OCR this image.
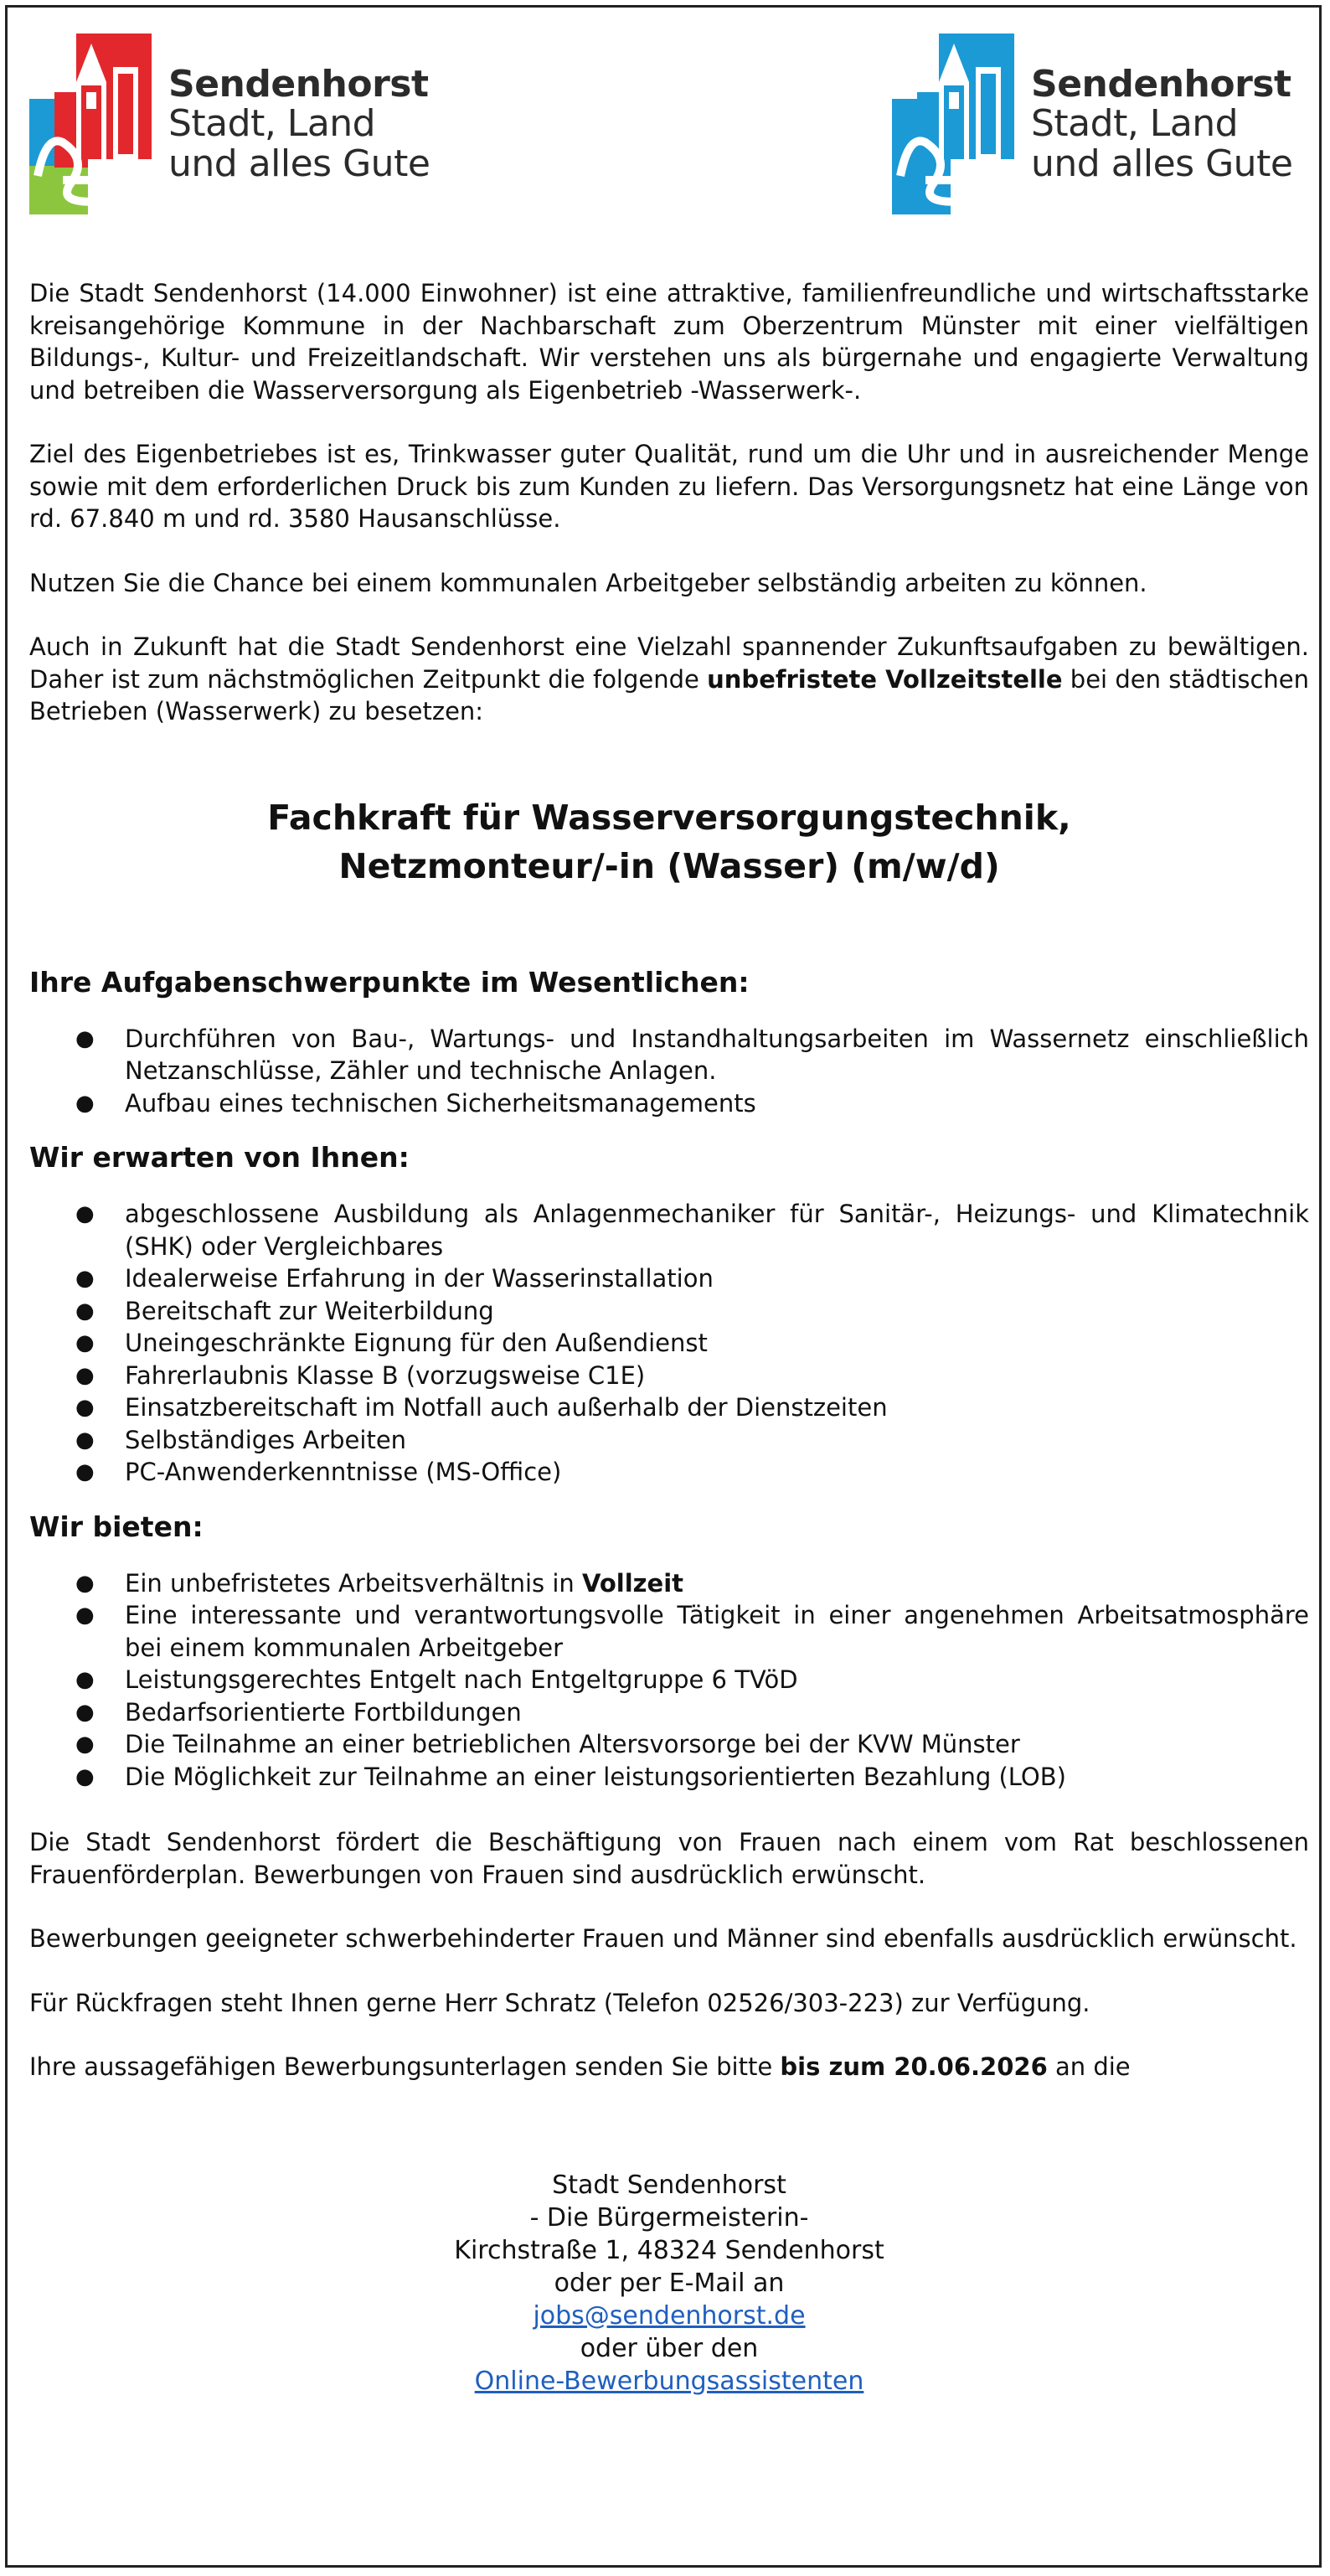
Sendenhorst
Stadt, Land
und alles Gute
Sendenhorst
Stadt, Land
und alles Gute

Die Stadt Sendenhorst (14.000 Einwohner) ist eine attraktive, familienfreundliche und wirtschaftsstarke kreisangehörige Kommune in der Nachbarschaft zum Oberzentrum Münster mit einer vielfältigen Bildungs-, Kultur- und Freizeitlandschaft. Wir verstehen uns als bürgernahe und engagierte Verwaltung und betreiben die Wasserversorgung als Eigenbetrieb -Wasserwerk-.

Ziel des Eigenbetriebes ist es, Trinkwasser guter Qualität, rund um die Uhr und in ausreichender Menge sowie mit dem erforderlichen Druck bis zum Kunden zu liefern. Das Versorgungsnetz hat eine Länge von rd. 67.840 m und rd. 3580 Hausanschlüsse.

Nutzen Sie die Chance bei einem kommunalen Arbeitgeber selbständig arbeiten zu können.

Auch in Zukunft hat die Stadt Sendenhorst eine Vielzahl spannender Zukunftsaufgaben zu bewältigen. Daher ist zum nächstmöglichen Zeitpunkt die folgende unbefristete Vollzeitstelle bei den städtischen Betrieben (Wasserwerk) zu besetzen:

Fachkraft für Wasserversorgungstechnik,

Netzmonteur/-in (Wasser) (m/w/d)

Ihre Aufgabenschwerpunkte im Wesentlichen:
● Durchführen von Bau-, Wartungs- und Instandhaltungsarbeiten im Wassernetz einschließlich Netzanschlüsse, Zähler und technische Anlagen.
● Aufbau eines technischen Sicherheitsmanagements
Wir erwarten von Ihnen:
● abgeschlossene Ausbildung als Anlagenmechaniker für Sanitär-, Heizungs- und Klimatechnik (SHK) oder Vergleichbares
● Idealerweise Erfahrung in der Wasserinstallation
● Bereitschaft zur Weiterbildung
● Uneingeschränkte Eignung für den Außendienst
● Fahrerlaubnis Klasse B (vorzugsweise C1E)
● Einsatzbereitschaft im Notfall auch außerhalb der Dienstzeiten
● Selbständiges Arbeiten
● PC-Anwenderkenntnisse (MS-Office)
Wir bieten:
● Ein unbefristetes Arbeitsverhältnis in Vollzeit
● Eine interessante und verantwortungsvolle Tätigkeit in einer angenehmen Arbeitsatmosphäre bei einem kommunalen Arbeitgeber
● Leistungsgerechtes Entgelt nach Entgeltgruppe 6 TVöD
● Bedarfsorientierte Fortbildungen
● Die Teilnahme an einer betrieblichen Altersvorsorge bei der KVW Münster
● Die Möglichkeit zur Teilnahme an einer leistungsorientierten Bezahlung (LOB)

Die Stadt Sendenhorst fördert die Beschäftigung von Frauen nach einem vom Rat beschlossenen Frauenförderplan. Bewerbungen von Frauen sind ausdrücklich erwünscht.

Bewerbungen geeigneter schwerbehinderter Frauen und Männer sind ebenfalls ausdrücklich erwünscht.

Für Rückfragen steht Ihnen gerne Herr Schratz (Telefon 02526/303-223) zur Verfügung.

Ihre aussagefähigen Bewerbungsunterlagen senden Sie bitte bis zum 20.06.2026 an die

Stadt Sendenhorst
- Die Bürgermeisterin-
Kirchstraße 1, 48324 Sendenhorst
oder per E-Mail an
jobs@sendenhorst.de
oder über den
Online-Bewerbungsassistenten
